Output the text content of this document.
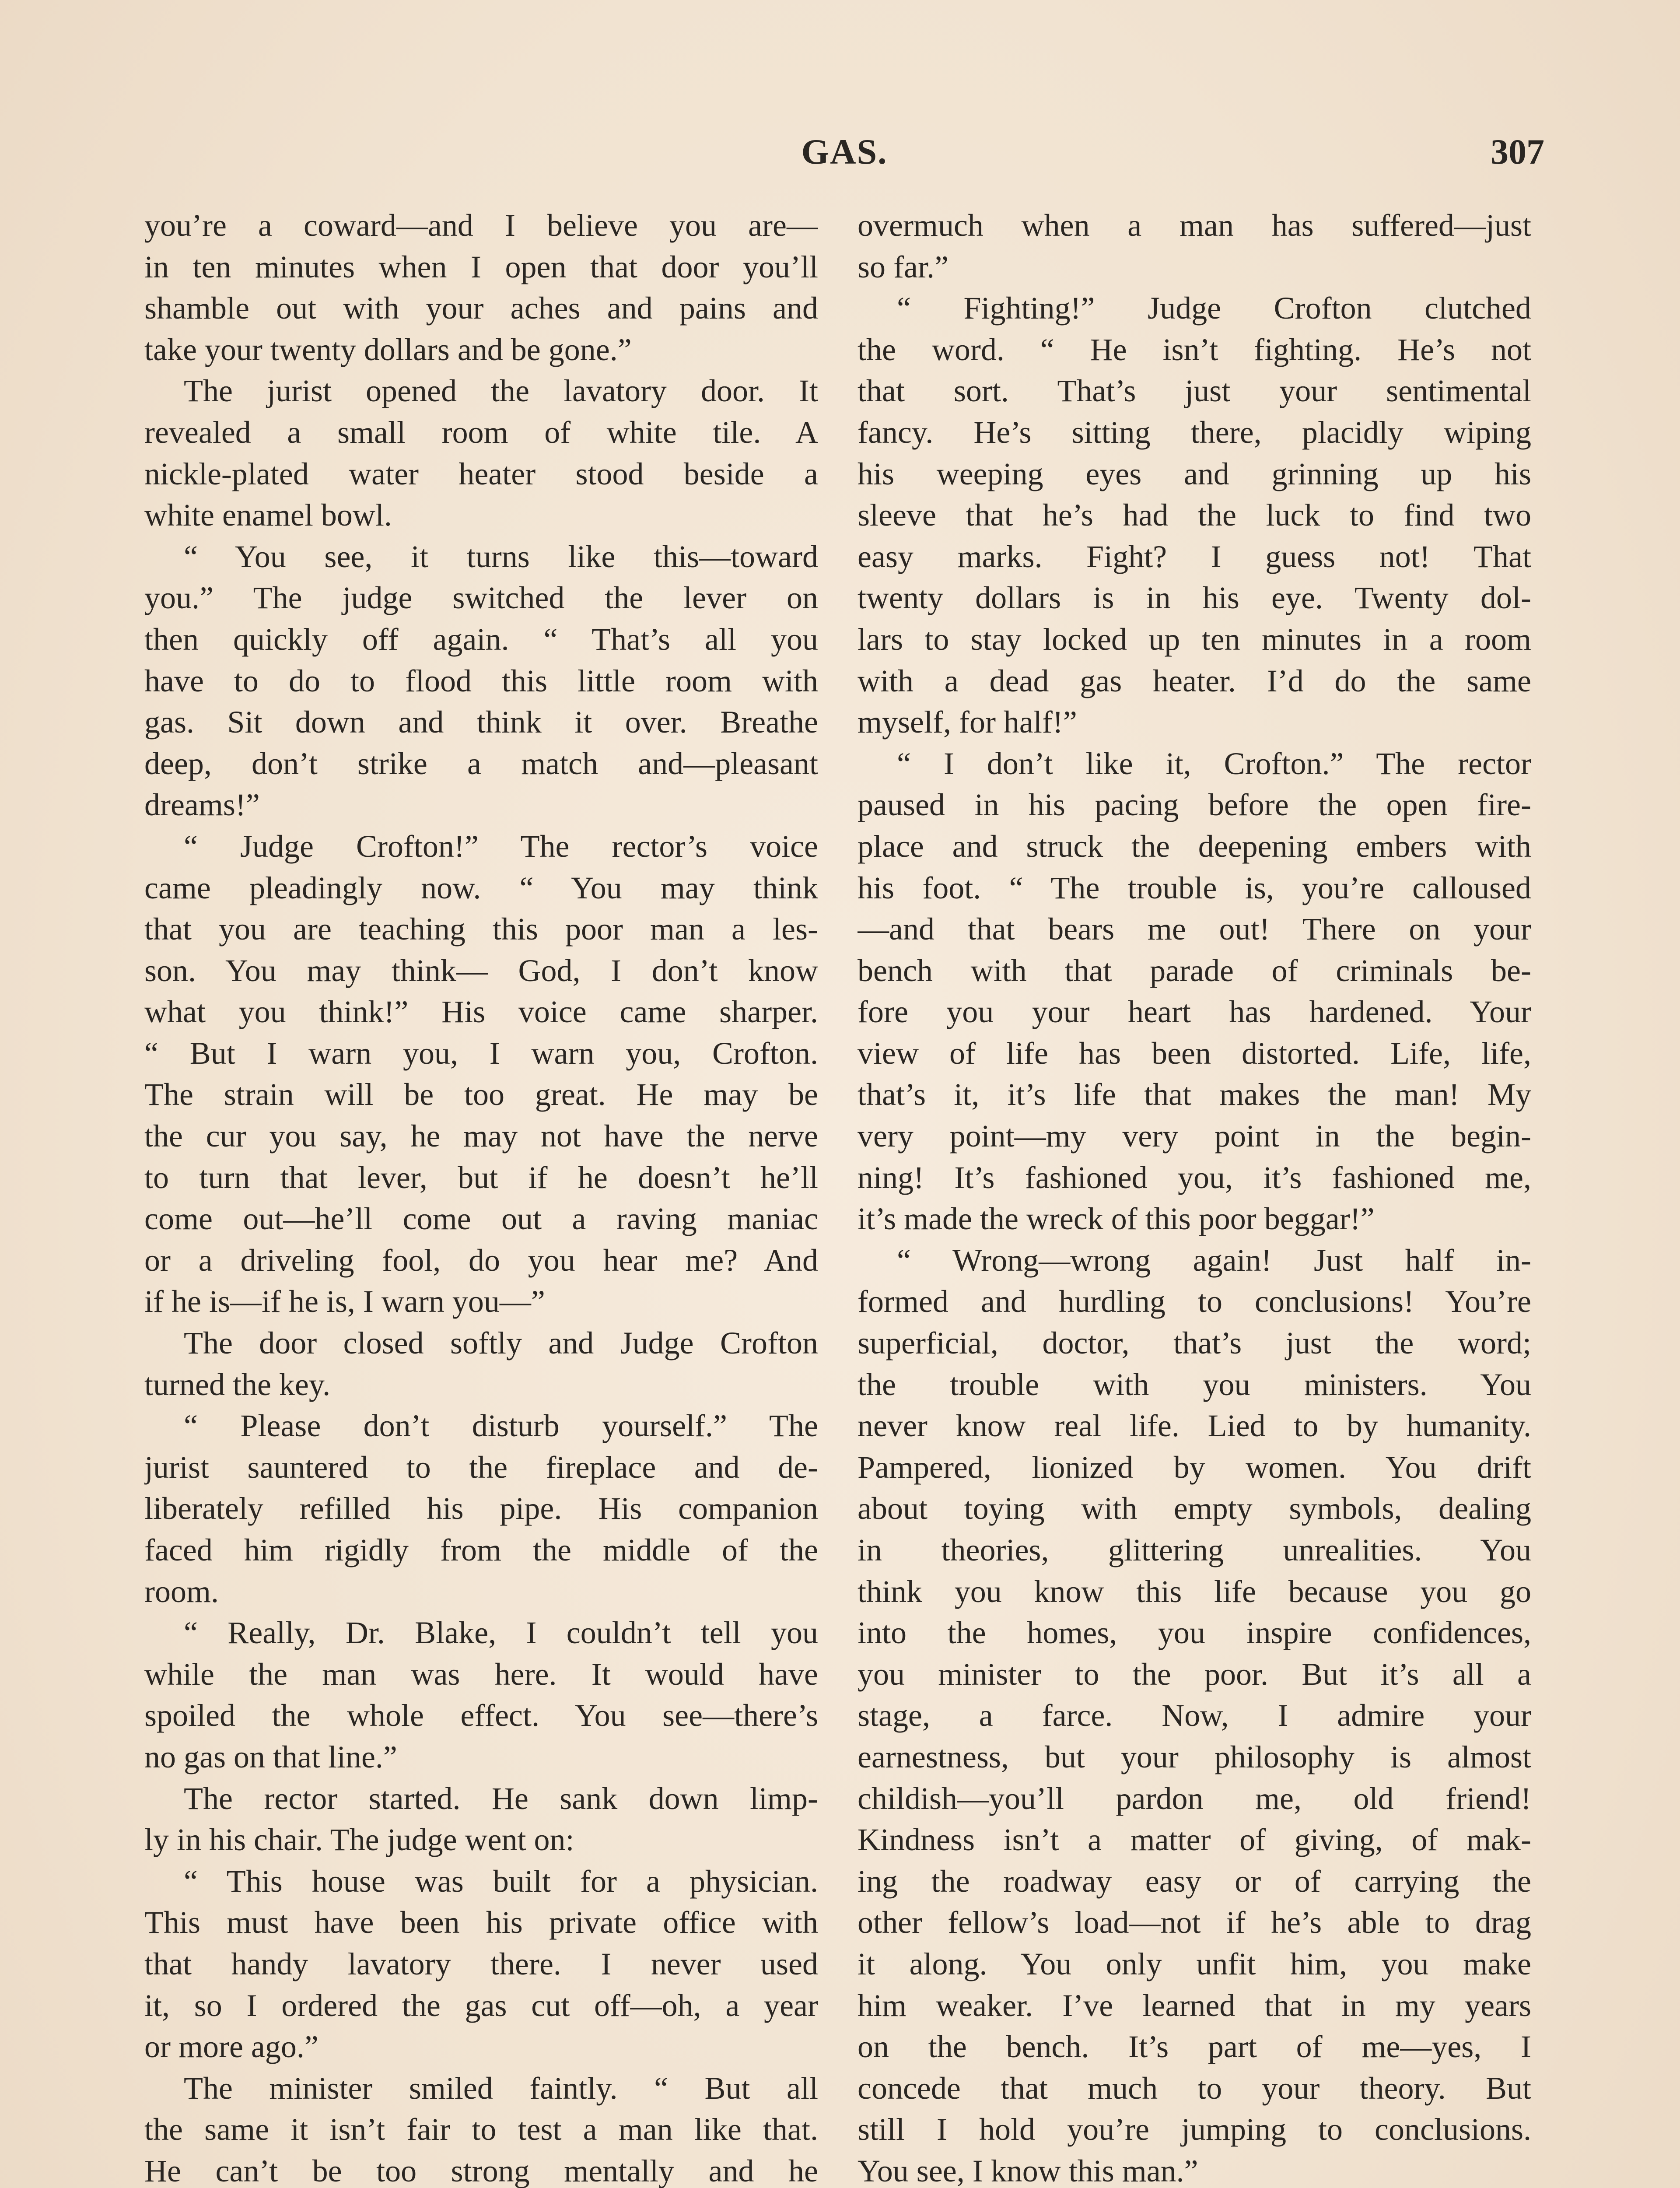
GAS.	307
you’re a coward—and I believe you are—
in ten minutes when I open that door you’ll
shamble out with your aches and pains and
take your twenty dollars and be gone.”
The jurist opened the lavatory door. It
revealed a small room of white tile. A
nickle-plated water heater stood beside a
white enamel bowl.
“ You see, it turns like this—toward
you.” The judge switched the lever on
then quickly off again. “ That’s all you
have to do to flood this little room with
gas. Sit down and think it over. Breathe
deep, don’t strike a match and—pleasant
dreams!”
“ Judge Crofton!” The rector’s voice
came pleadingly now. “ You may think
that you are teaching this poor man a les-
son. You may think— God, I don’t know
what you think!” His voice came sharper.
“ But I warn you, I warn you, Crofton.
The strain will be too great. He may be
the cur you say, he may not have the nerve
to turn that lever, but if he doesn’t he’ll
come out—he’ll come out a raving maniac
or a driveling fool, do you hear me? And
if he is—if he is, I warn you—”
The door closed softly and Judge Crofton
turned the key.
“ Please don’t disturb yourself.” The
jurist sauntered to the fireplace and de-
liberately refilled his pipe. His companion
faced him rigidly from the middle of the
room.
“ Really, Dr. Blake, I couldn’t tell you
while the man was here. It would have
spoiled the whole effect. You see—there’s
no gas on that line.”
The rector started. He sank down limp-
ly in his chair. The judge went on:
“ This house was built for a physician.
This must have been his private office with
that handy lavatory there. I never used
it, so I ordered the gas cut off—oh, a year
or more ago.”
The minister smiled faintly. “ But all
the same it isn’t fair to test a man like that.
He can’t be too strong mentally and he
overmuch when a man has suffered—just
so far.”
“ Fighting!” Judge Crofton clutched
the word. “ He isn’t fighting. He’s not
that sort. That’s just your sentimental
fancy. He’s sitting there, placidly wiping
his weeping eyes and grinning up his
sleeve that he’s had the luck to find two
easy marks. Fight? I guess not! That
twenty dollars is in his eye. Twenty dol-
lars to stay locked up ten minutes in a room
with a dead gas heater. I’d do the same
myself, for half!”
“ I don’t like it, Crofton.” The rector
paused in his pacing before the open fire-
place and struck the deepening embers with
his foot. “ The trouble is, you’re calloused
—and that bears me out! There on your
bench with that parade of criminals be-
fore you your heart has hardened. Your
view of life has been distorted. Life, life,
that’s it, it’s life that makes the man! My
very point—my very point in the begin-
ning! It’s fashioned you, it’s fashioned me,
it’s made the wreck of this poor beggar!”
“ Wrong—wrong again! Just half in-
formed and hurdling to conclusions! You’re
superficial, doctor, that’s just the word;
the trouble with you ministers. You
never know real life. Lied to by humanity.
Pampered, lionized by women. You drift
about toying with empty symbols, dealing
in theories, glittering unrealities. You
think you know this life because you go
into the homes, you inspire confidences,
you minister to the poor. But it’s all a
stage, a farce. Now, I admire your
earnestness, but your philosophy is almost
childish—you’ll pardon me, old friend!
Kindness isn’t a matter of giving, of mak-
ing the roadway easy or of carrying the
other fellow’s load—not if he’s able to drag
it along. You only unfit him, you make
him weaker. I’ve learned that in my years
on the bench. It’s part of me—yes, I
concede that much to your theory. But
still I hold you’re jumping to conclusions.
You see, I know this man.”
